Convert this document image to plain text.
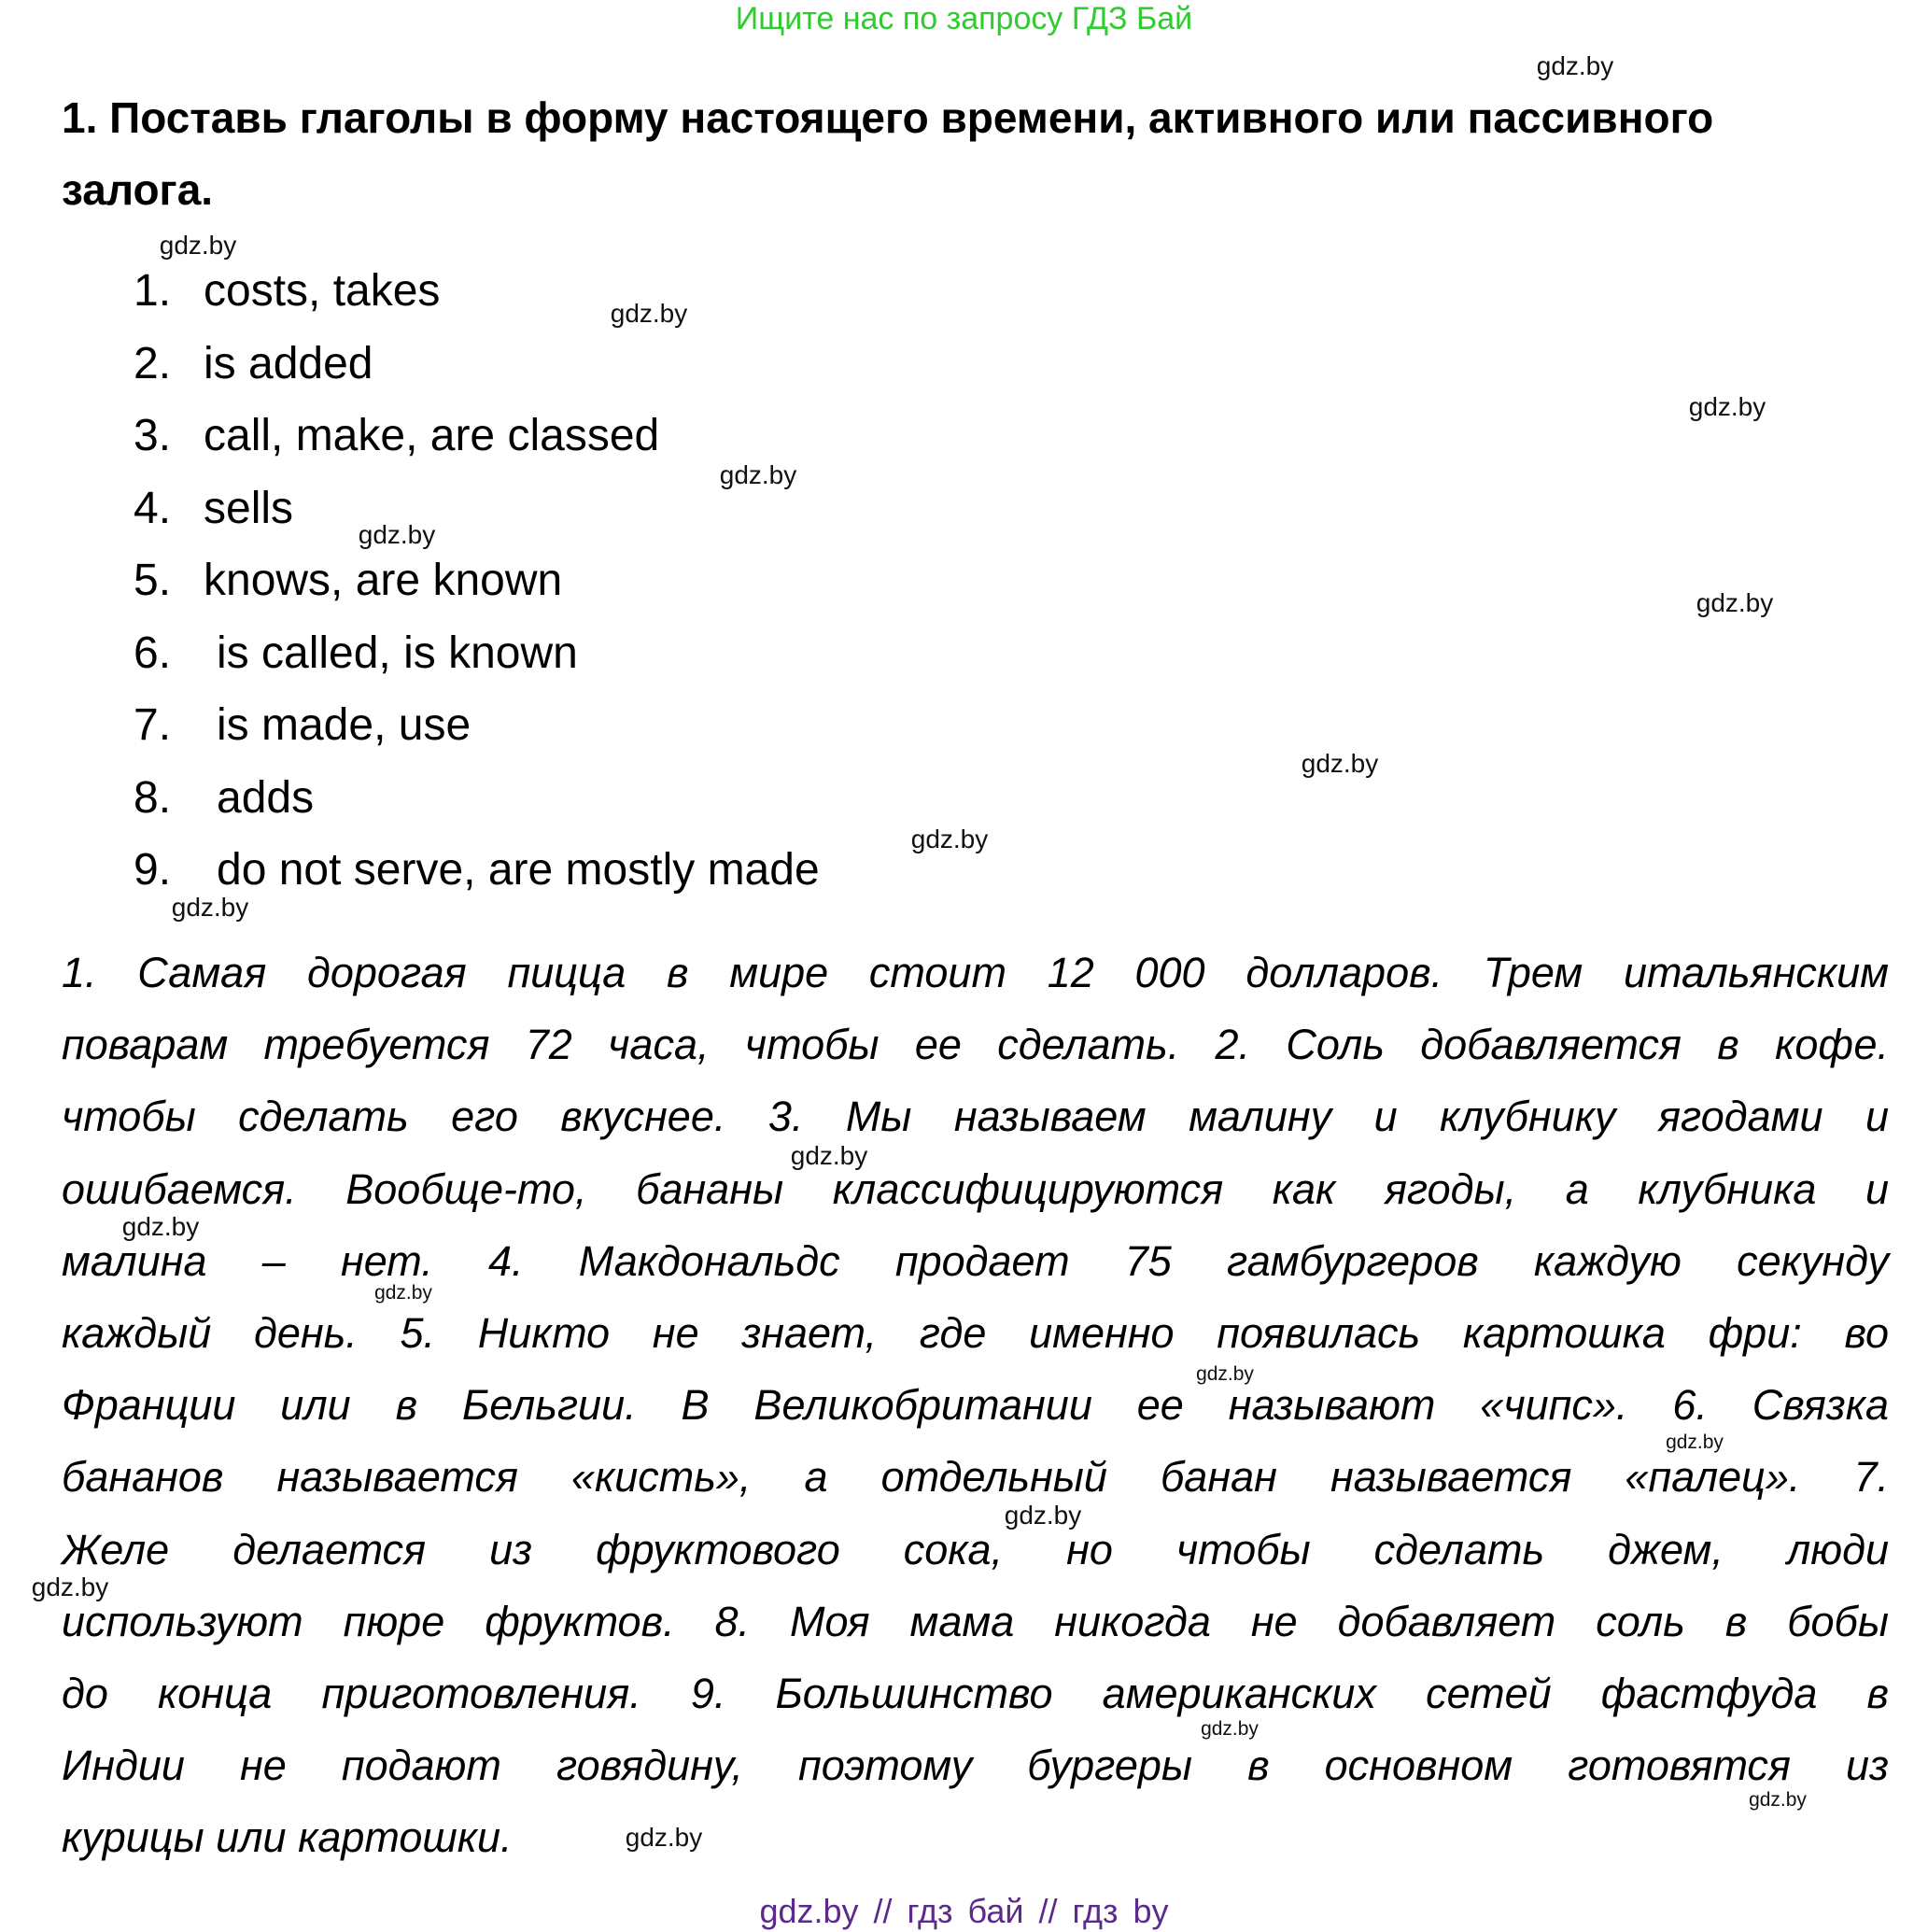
Ищите нас по запросу ГДЗ Бай
1. Поставь глаголы в форму настоящего времени, активного или пассивного
залога.
1. costs, takes
2. is added
3. call, make, are classed
4. sells
5. knows, are known
6. is called, is known
7. is made, use
8. adds
9. do not serve, are mostly made
1. Самая дорогая пицца в мире стоит 12 000 долларов. Трем итальянским
поварам требуется 72 часа, чтобы ее сделать. 2. Соль добавляется в кофе.
чтобы сделать его вкуснее. 3. Мы называем малину и клубнику ягодами и
ошибаемся. Вообще-то, бананы классифицируются как ягоды, а клубника и
малина – нет. 4. Макдональдс продает 75 гамбургеров каждую секунду
каждый день. 5. Никто не знает, где именно появилась картошка фри: во
Франции или в Бельгии. В Великобритании ее называют «чипс». 6. Связка
бананов называется «кисть», а отдельный банан называется «палец». 7.
Желе делается из фруктового сока, но чтобы сделать джем, люди
используют пюре фруктов. 8. Моя мама никогда не добавляет соль в бобы
до конца приготовления. 9. Большинство американских сетей фастфуда в
Индии не подают говядину, поэтому бургеры в основном готовятся из
курицы или картошки.
gdz.by
gdz.by
gdz.by
gdz.by
gdz.by
gdz.by
gdz.by
gdz.by
gdz.by
gdz.by
gdz.by
gdz.by
gdz.by
gdz.by
gdz.by
gdz.by
gdz.by
gdz.by
gdz.by
gdz.by
gdz.by // гдз бай // гдз by
